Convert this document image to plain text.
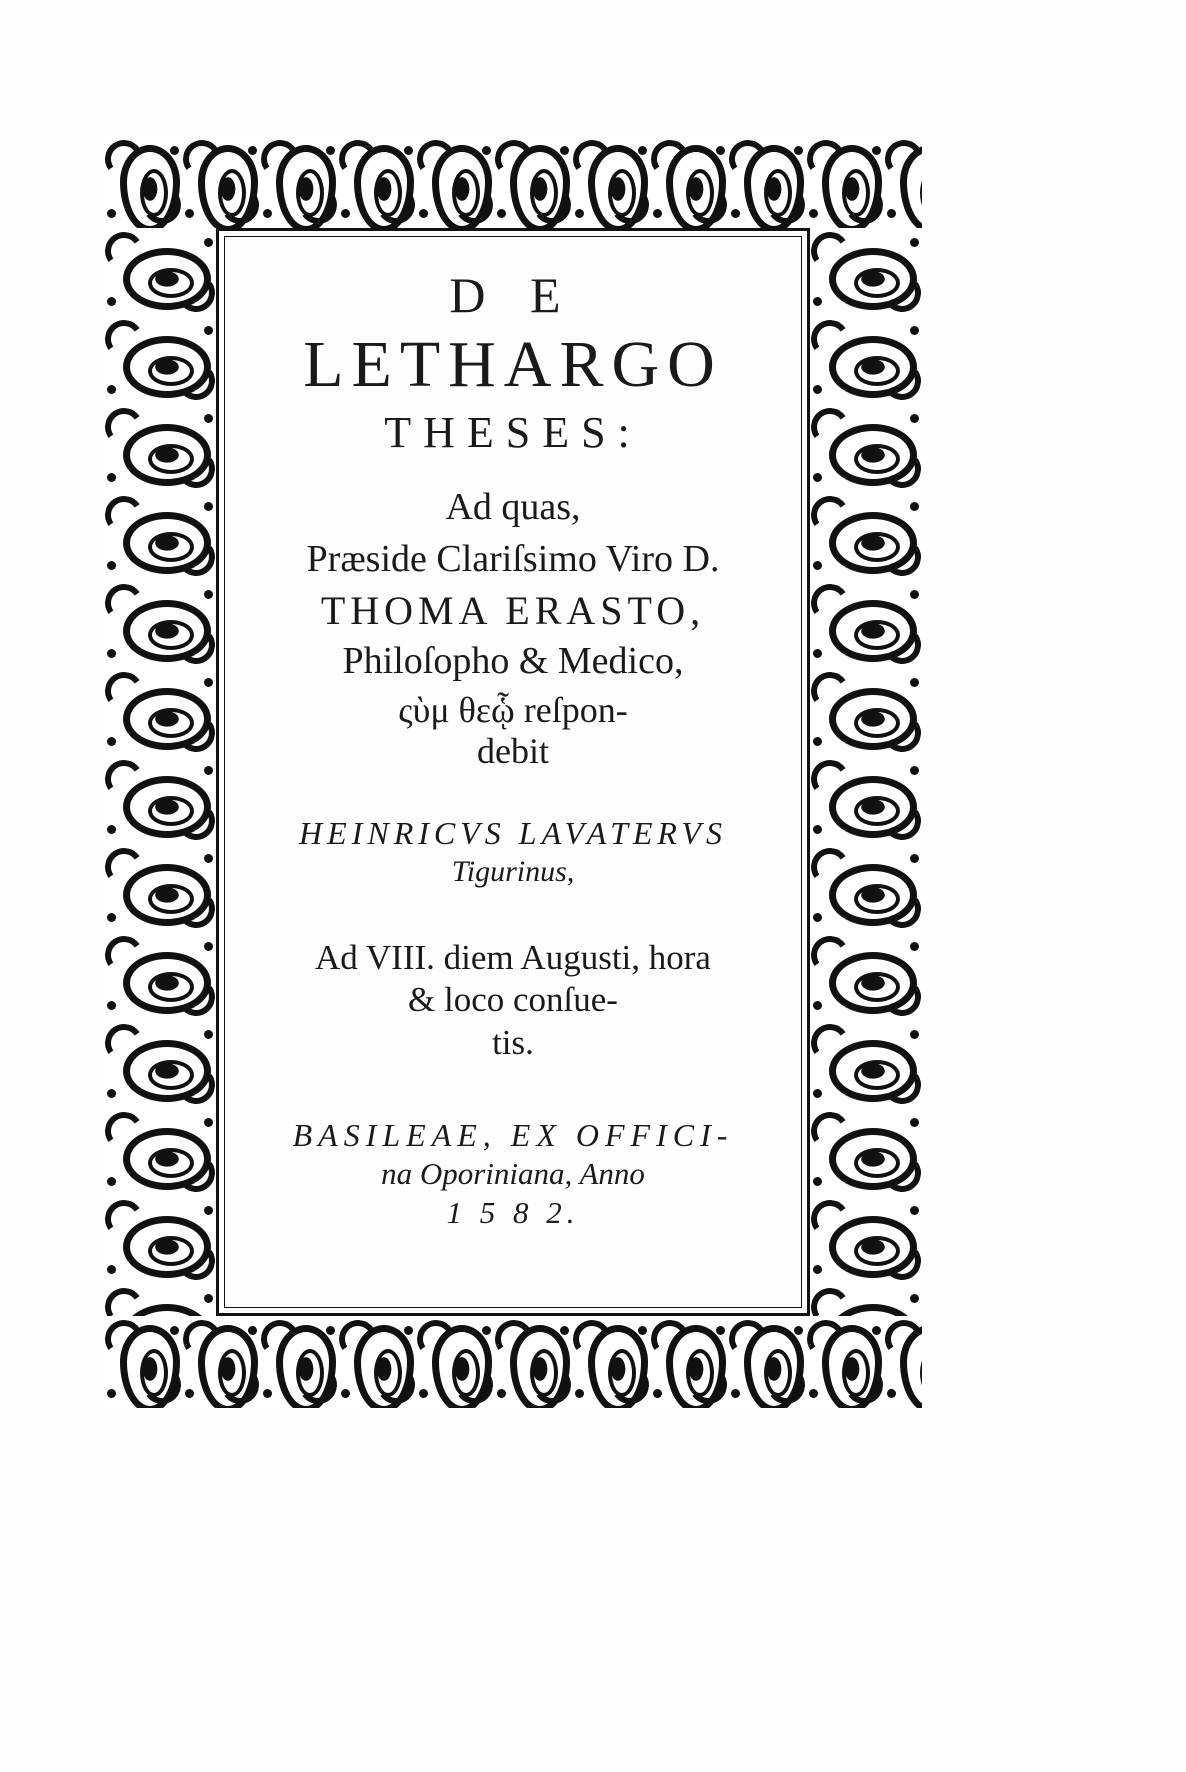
D E
LETHARGO
THESES:
Ad quas,
Præside Clariſsimo Viro D.
THOMA ERASTO,
Philoſopho & Medico,
ςὺμ θεᾧ reſpon-
debit
HEINRICVS LAVATERVS
Tigurinus,
Ad VIII. diem Augusti, hora
& loco conſue-
tis.
BASILEAE, EX OFFICI-
na Oporiniana, Anno
1 5 8 2.
